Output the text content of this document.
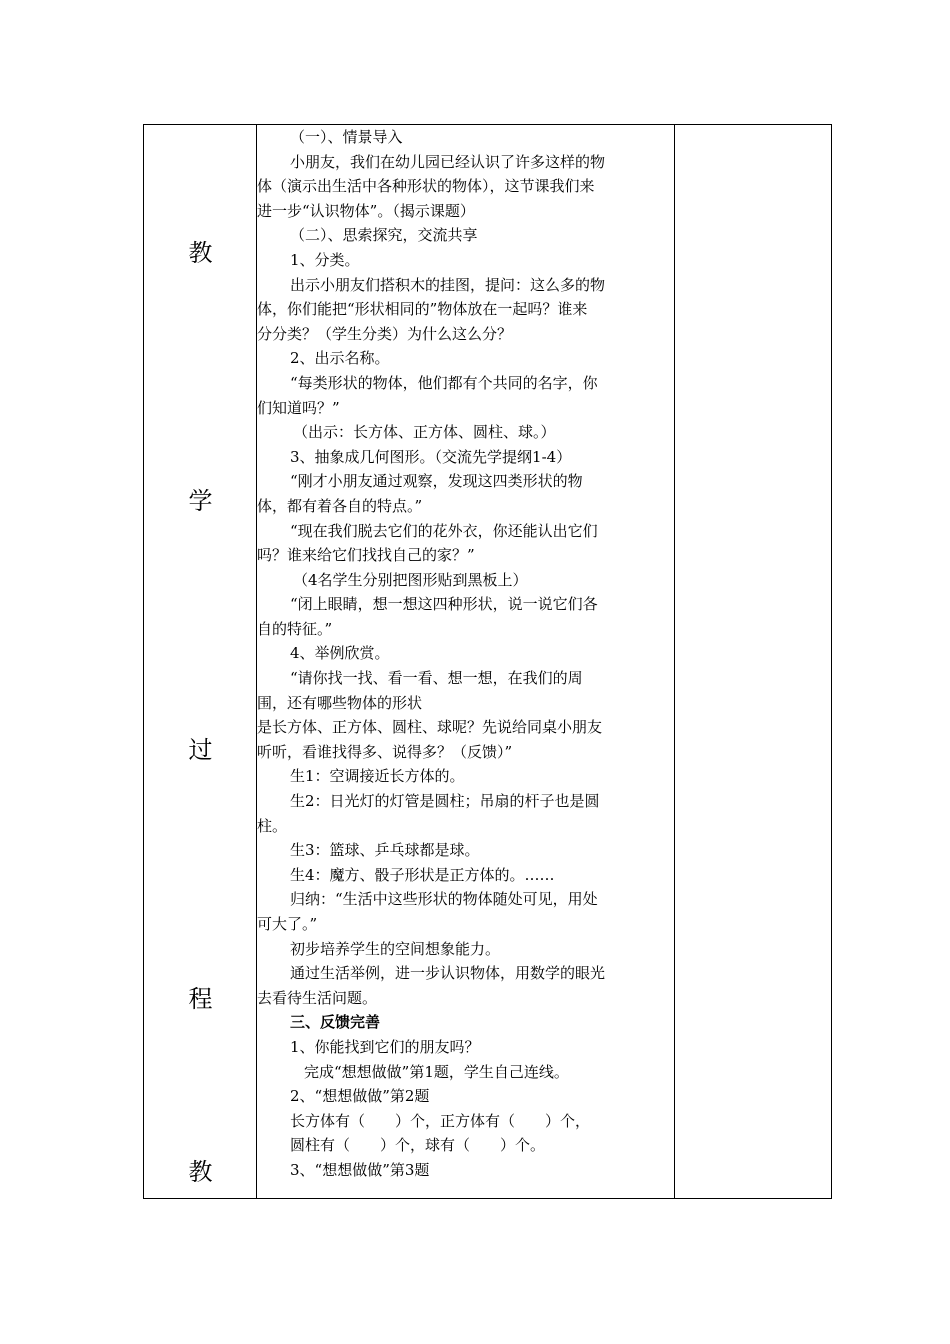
教
学
过
程
教

（一）、情景导入
小朋友，我们在幼儿园已经认识了许多这样的物
体（演示出生活中各种形状的物体），这节课我们来
进一步“认识物体”。（揭示课题）
（二）、思索探究，交流共享
1、分类。
出示小朋友们搭积木的挂图，提问：这么多的物
体，你们能把“形状相同的”物体放在一起吗？谁来
分分类？（学生分类）为什么这么分？
2、出示名称。
“每类形状的物体，他们都有个共同的名字，你
们知道吗？”
（出示：长方体、正方体、圆柱、球。）
3、抽象成几何图形。（交流先学提纲1-4）
“刚才小朋友通过观察，发现这四类形状的物
体，都有着各自的特点。”
“现在我们脱去它们的花外衣，你还能认出它们
吗？谁来给它们找找自己的家？”
（4名学生分别把图形贴到黑板上）
“闭上眼睛，想一想这四种形状，说一说它们各
自的特征。”
4、举例欣赏。
“请你找一找、看一看、想一想，在我们的周
围，还有哪些物体的形状
是长方体、正方体、圆柱、球呢？先说给同桌小朋友
听听，看谁找得多、说得多？（反馈）”
生1：空调接近长方体的。
生2：日光灯的灯管是圆柱；吊扇的杆子也是圆
柱。
生3：篮球、乒乓球都是球。
生4：魔方、骰子形状是正方体的。……
归纳：“生活中这些形状的物体随处可见，用处
可大了。”
初步培养学生的空间想象能力。
通过生活举例，进一步认识物体，用数学的眼光
去看待生活问题。
三、反馈完善
1、你能找到它们的朋友吗？
完成“想想做做”第1题，学生自己连线。
2、“想想做做”第2题
长方体有（　　）个，正方体有（　　）个，
圆柱有（　　）个，球有（　　）个。
3、“想想做做”第3题
